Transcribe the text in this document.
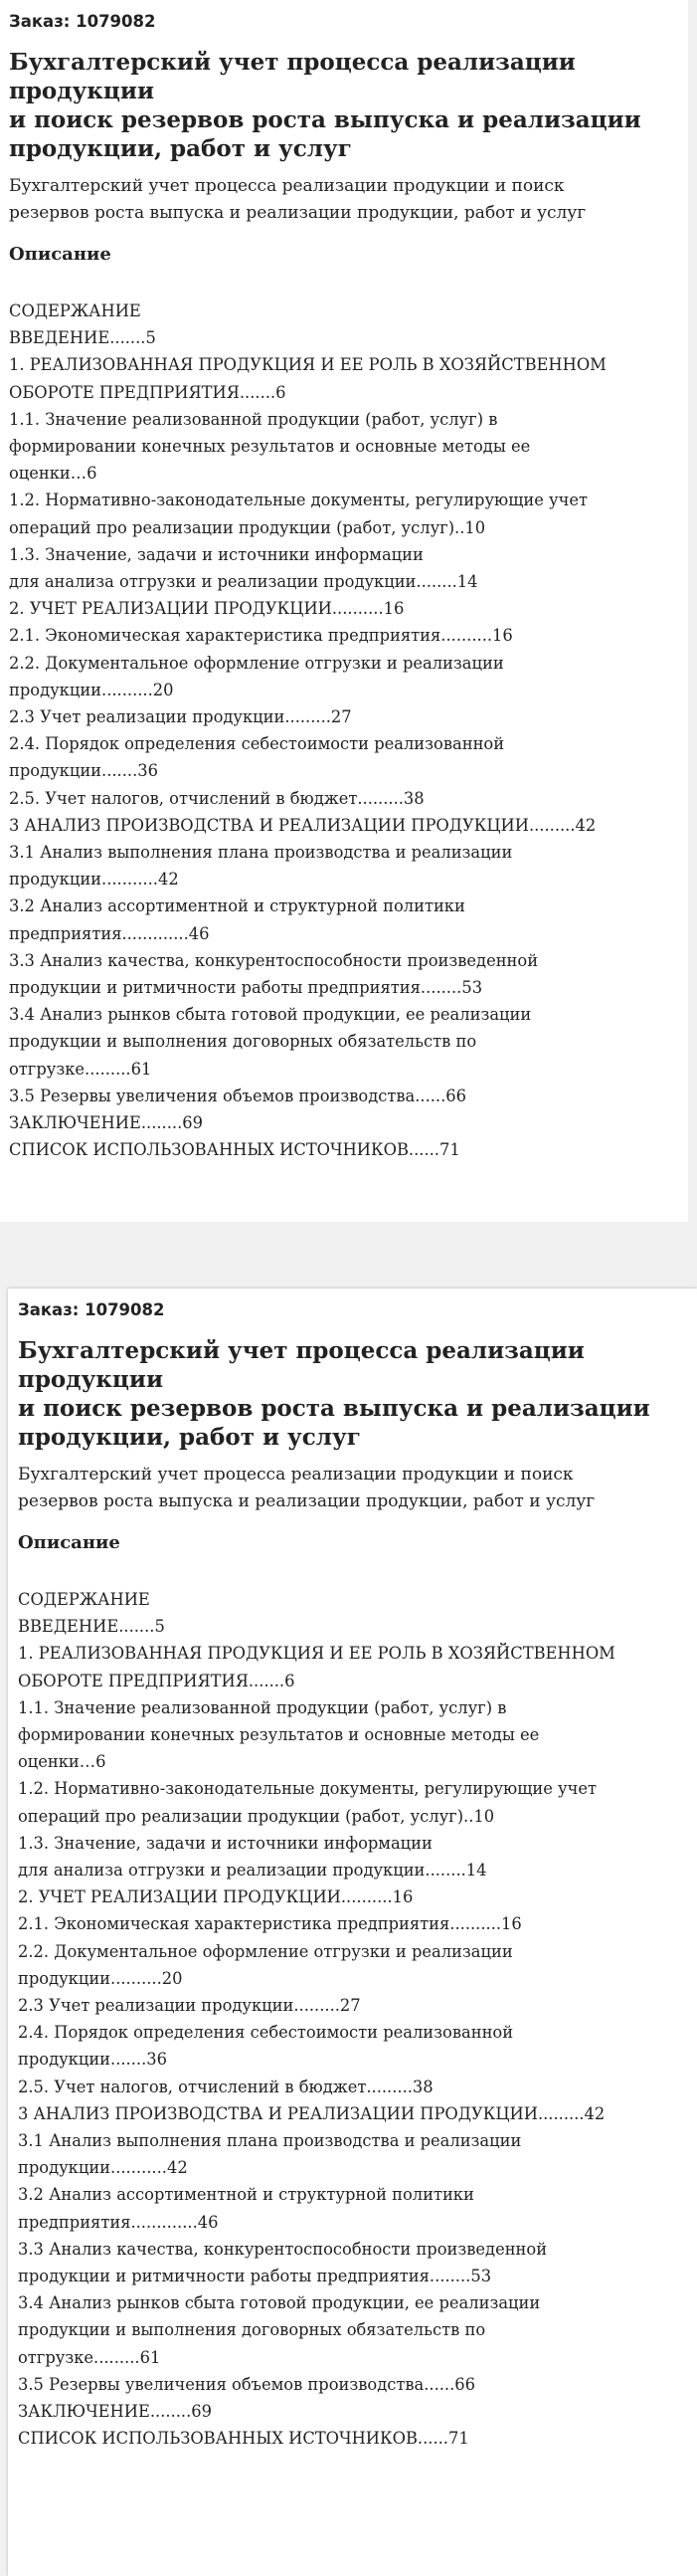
Заказ: 1079082
Бухгалтерский учет процесса реализации продукции
и поиск резервов роста выпуска и реализации
продукции, работ и услуг
Бухгалтерский учет процесса реализации продукции и поиск
резервов роста выпуска и реализации продукции, работ и услуг
Описание
СОДЕРЖАНИЕ
ВВЕДЕНИЕ.......5
1. РЕАЛИЗОВАННАЯ ПРОДУКЦИЯ И ЕЕ РОЛЬ В ХОЗЯЙСТВЕННОМ
ОБОРОТЕ ПРЕДПРИЯТИЯ.......6
1.1. Значение реализованной продукции (работ, услуг) в
формировании конечных результатов и основные методы ее
оценки…6
1.2. Нормативно-законодательные документы, регулирующие учет
операций про реализации продукции (работ, услуг)..10
1.3. Значение, задачи и источники информации
для анализа отгрузки и реализации продукции........14
2. УЧЕТ РЕАЛИЗАЦИИ ПРОДУКЦИИ..........16
2.1. Экономическая характеристика предприятия..........16
2.2. Документальное оформление отгрузки и реализации
продукции..........20
2.3 Учет реализации продукции.........27
2.4. Порядок определения себестоимости реализованной
продукции.......36
2.5. Учет налогов, отчислений в бюджет.........38
3 АНАЛИЗ ПРОИЗВОДСТВА И РЕАЛИЗАЦИИ ПРОДУКЦИИ.........42
3.1 Анализ выполнения плана производства и реализации
продукции...........42
3.2 Анализ ассортиментной и структурной политики
предприятия.............46
3.3 Анализ качества, конкурентоспособности произведенной
продукции и ритмичности работы предприятия........53
3.4 Анализ рынков сбыта готовой продукции, ее реализации
продукции и выполнения договорных обязательств по
отгрузке.........61
3.5 Резервы увеличения объемов производства......66
ЗАКЛЮЧЕНИЕ........69
СПИСОК ИСПОЛЬЗОВАННЫХ ИСТОЧНИКОВ......71
Заказ: 1079082
Бухгалтерский учет процесса реализации продукции
и поиск резервов роста выпуска и реализации
продукции, работ и услуг
Бухгалтерский учет процесса реализации продукции и поиск
резервов роста выпуска и реализации продукции, работ и услуг
Описание
СОДЕРЖАНИЕ
ВВЕДЕНИЕ.......5
1. РЕАЛИЗОВАННАЯ ПРОДУКЦИЯ И ЕЕ РОЛЬ В ХОЗЯЙСТВЕННОМ
ОБОРОТЕ ПРЕДПРИЯТИЯ.......6
1.1. Значение реализованной продукции (работ, услуг) в
формировании конечных результатов и основные методы ее
оценки…6
1.2. Нормативно-законодательные документы, регулирующие учет
операций про реализации продукции (работ, услуг)..10
1.3. Значение, задачи и источники информации
для анализа отгрузки и реализации продукции........14
2. УЧЕТ РЕАЛИЗАЦИИ ПРОДУКЦИИ..........16
2.1. Экономическая характеристика предприятия..........16
2.2. Документальное оформление отгрузки и реализации
продукции..........20
2.3 Учет реализации продукции.........27
2.4. Порядок определения себестоимости реализованной
продукции.......36
2.5. Учет налогов, отчислений в бюджет.........38
3 АНАЛИЗ ПРОИЗВОДСТВА И РЕАЛИЗАЦИИ ПРОДУКЦИИ.........42
3.1 Анализ выполнения плана производства и реализации
продукции...........42
3.2 Анализ ассортиментной и структурной политики
предприятия.............46
3.3 Анализ качества, конкурентоспособности произведенной
продукции и ритмичности работы предприятия........53
3.4 Анализ рынков сбыта готовой продукции, ее реализации
продукции и выполнения договорных обязательств по
отгрузке.........61
3.5 Резервы увеличения объемов производства......66
ЗАКЛЮЧЕНИЕ........69
СПИСОК ИСПОЛЬЗОВАННЫХ ИСТОЧНИКОВ......71
